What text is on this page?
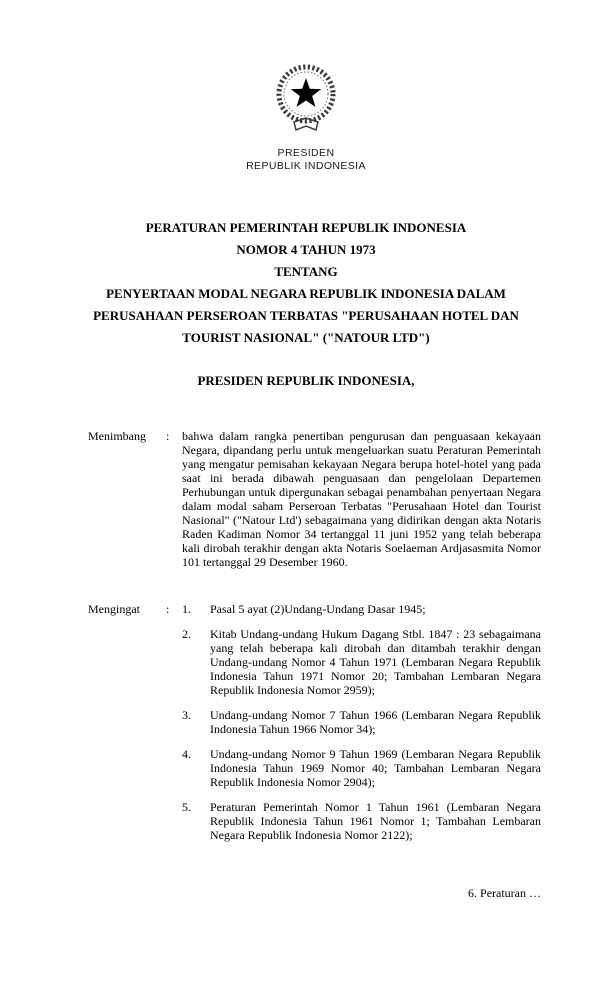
PRESIDEN
REPUBLIK INDONESIA
PERATURAN PEMERINTAH REPUBLIK INDONESIA
NOMOR 4 TAHUN 1973
TENTANG
PENYERTAAN MODAL NEGARA REPUBLIK INDONESIA DALAM PERUSAHAAN PERSEROAN TERBATAS "PERUSAHAAN HOTEL DAN TOURIST NASIONAL" ("NATOUR LTD")
PRESIDEN REPUBLIK INDONESIA,
Menimbang	:	bahwa dalam rangka penertiban pengurusan dan penguasaan kekayaan Negara, dipandang perlu untuk mengeluarkan suatu Peraturan Pemerintah yang mengatur pemisahan kekayaan Negara berupa hotel-hotel yang pada saat ini berada dibawah penguasaan dan pengelolaan Departemen Perhubungan untuk dipergunakan sebagai penambahan penyertaan Negara dalam modal saham Perseroan Terbatas "Perusahaan Hotel dan Tourist Nasional" ("Natour Ltd') sebagaimana yang didirikan dengan akta Notaris Raden Kadiman Nomor 34 tertanggal 11 juni 1952 yang telah beberapa kali dirobah terakhir dengan akta Notaris Soelaeman Ardjasasmita Nomor 101 tertanggal 29 Desember 1960.
Mengingat	:	1.	Pasal 5 ayat (2)Undang-Undang Dasar 1945;
2.	Kitab Undang-undang Hukum Dagang Stbl. 1847 : 23 sebagaimana yang telah beberapa kali dirobah dan ditambah terakhir dengan Undang-undang Nomor 4 Tahun 1971 (Lembaran Negara Republik Indonesia Tahun 1971 Nomor 20; Tambahan Lembaran Negara Republik Indonesia Nomor 2959);
3.	Undang-undang Nomor 7 Tahun 1966 (Lembaran Negara Republik Indonesia Tahun 1966 Nomor 34);
4.	Undang-undang Nomor 9 Tahun 1969 (Lembaran Negara Republik Indonesia Tahun 1969 Nomor 40; Tambahan Lembaran Negara Republik Indonesia Nomor 2904);
5.	Peraturan Pemerintah Nomor 1 Tahun 1961 (Lembaran Negara Republik Indonesia Tahun 1961 Nomor 1; Tambahan Lembaran Negara Republik Indonesia Nomor 2122);
6. Peraturan …
